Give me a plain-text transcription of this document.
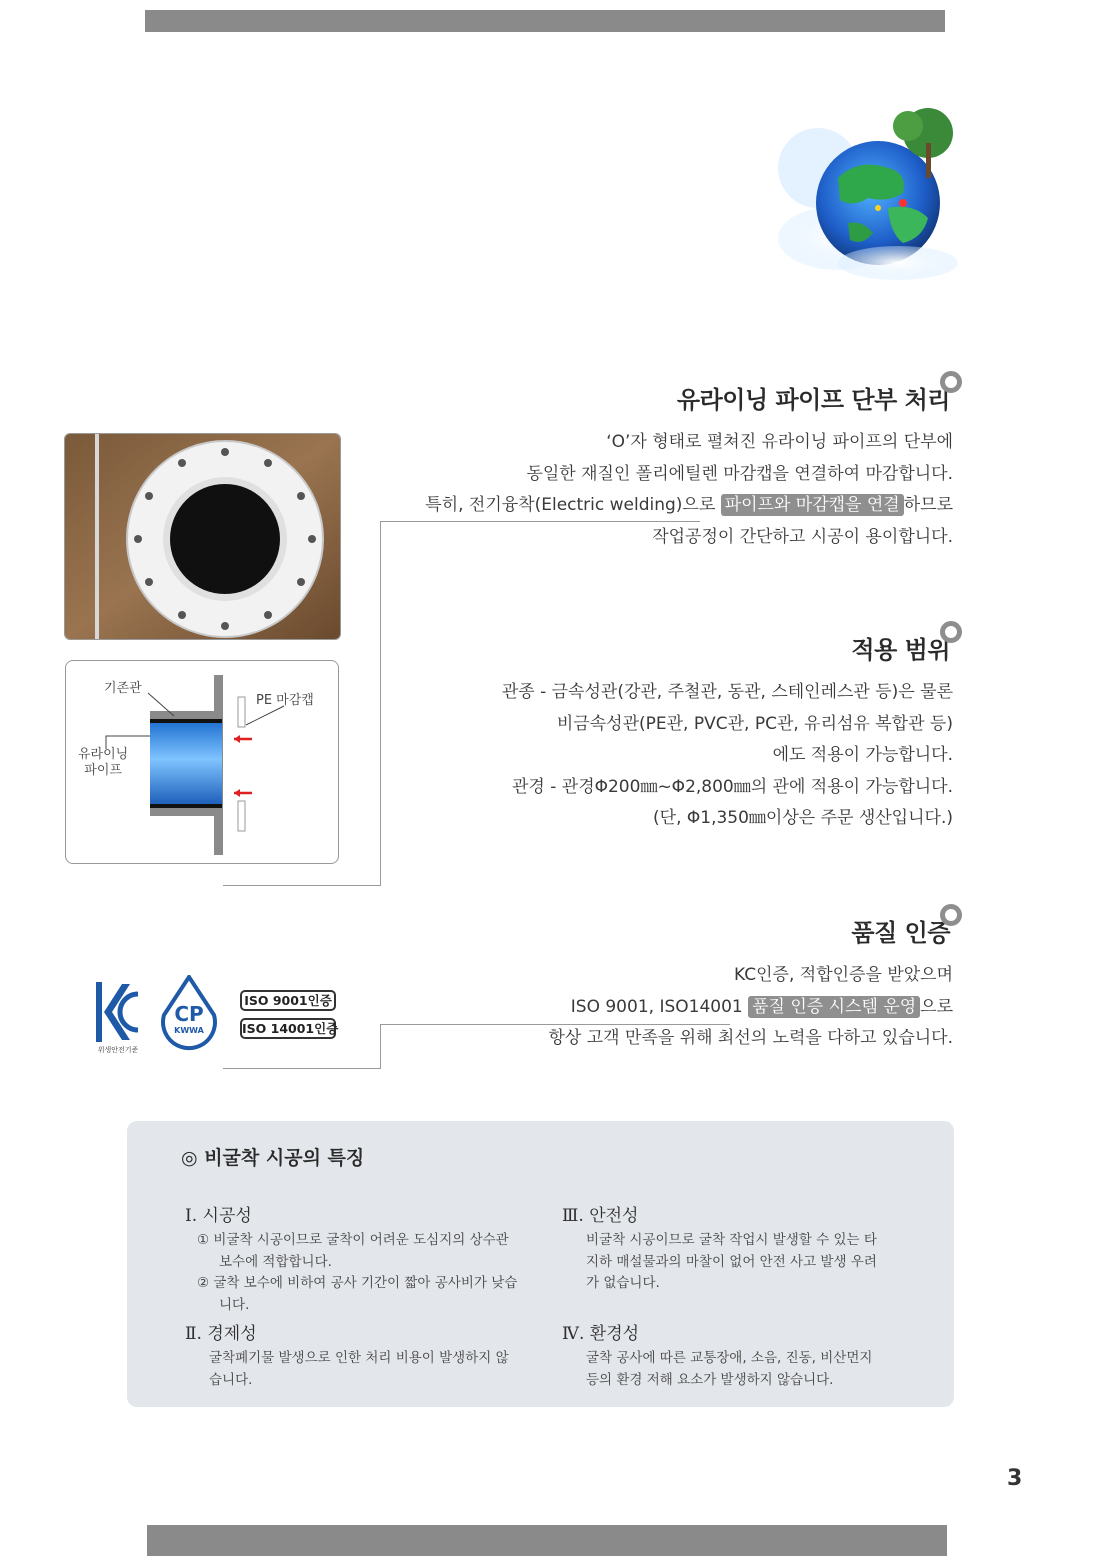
유라이닝 파이프 단부 처리
‘O’자 형태로 펼쳐진 유라이닝 파이프의 단부에
동일한 재질인 폴리에틸렌 마감캡을 연결하여 마감합니다.
특히, 전기융착(Electric welding)으로 파이프와 마감캡을 연결 하므로
작업공정이 간단하고 시공이 용이합니다.
적용 범위
관종 - 금속성관(강관, 주철관, 동관, 스테인레스관 등)은 물론
비금속성관(PE관, PVC관, PC관, 유리섬유 복합관 등)
에도 적용이 가능합니다.
관경 - 관경Φ200㎜~Φ2,800㎜의 관에 적용이 가능합니다.
(단, Φ1,350㎜이상은 주문 생산입니다.)
품질 인증
KC인증, 적합인증을 받았으며
ISO 9001, ISO14001 품질 인증 시스템 운영 으로
항상 고객 만족을 위해 최선의 노력을 다하고 있습니다.
기존관
PE 마감캡
유라이닝
파이프
위생안전기준
CP
KWWA
ISO 9001인증
ISO 14001인증
◎ 비굴착 시공의 특징
Ⅰ. 시공성
① 비굴착 시공이므로 굴착이 어려운 도심지의 상수관 보수에 적합합니다.
② 굴착 보수에 비하여 공사 기간이 짧아 공사비가 낮습니다.
Ⅱ. 경제성
굴착폐기물 발생으로 인한 처리 비용이 발생하지 않습니다.
Ⅲ. 안전성
비굴착 시공이므로 굴착 작업시 발생할 수 있는 타지하 매설물과의 마찰이 없어 안전 사고 발생 우려가 없습니다.
Ⅳ. 환경성
굴착 공사에 따른 교통장애, 소음, 진동, 비산먼지 등의 환경 저해 요소가 발생하지 않습니다.
3
